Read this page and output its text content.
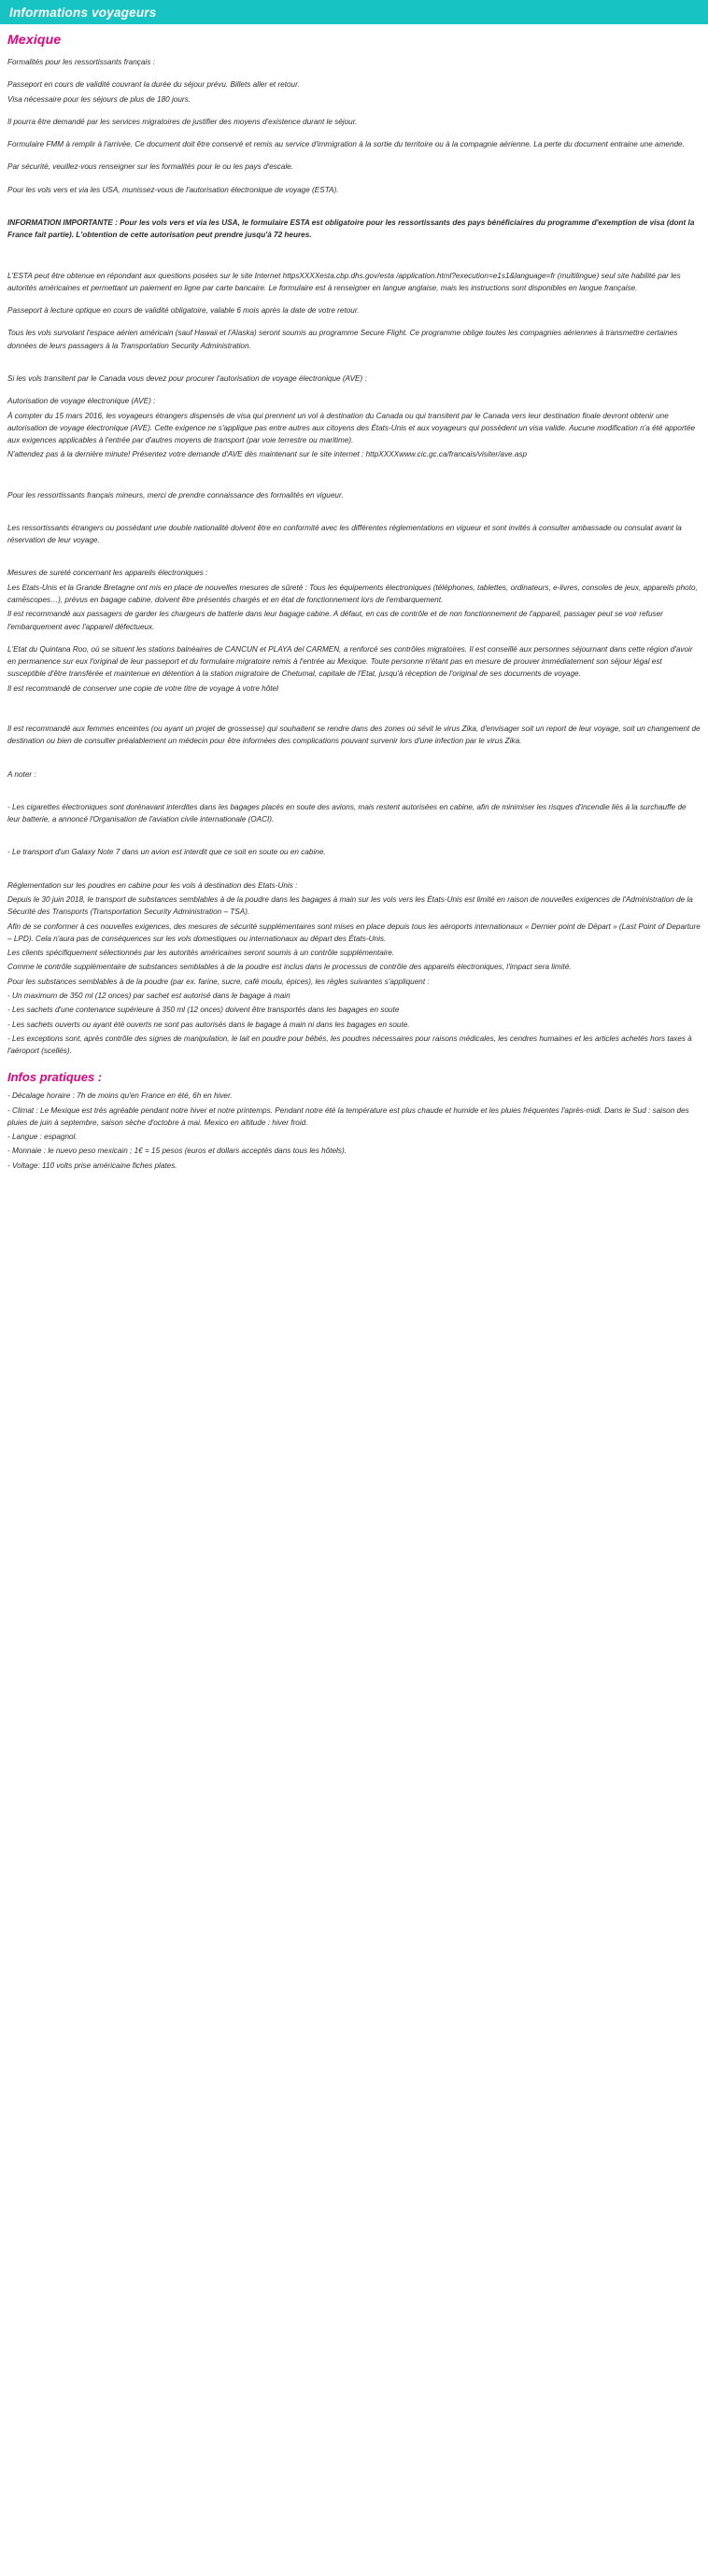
Informations voyageurs
Mexique

Formalités pour les ressortissants français :

Passeport en cours de validité couvrant la durée du séjour prévu. Billets aller et retour.

Visa nécessaire pour les séjours de plus de 180 jours.

Il pourra être demandé par les services migratoires de justifier des moyens d'existence durant le séjour.

Formulaire FMM à remplir à l'arrivée. Ce document doit être conservé et remis au service d'immigration à la sortie du territoire ou à la compagnie aérienne. La perte du document entraine une amende.

Par sécurité, veuillez-vous renseigner sur les formalités pour le ou les pays d'escale.

Pour les vols vers et via les USA, munissez-vous de l'autorisation électronique de voyage (ESTA).

INFORMATION IMPORTANTE : Pour les vols vers et via les USA, le formulaire ESTA est obligatoire pour les ressortissants des pays bénéficiaires du programme d'exemption de visa (dont la France fait partie). L'obtention de cette autorisation peut prendre jusqu'à 72 heures.

L'ESTA peut être obtenue en répondant aux questions posées sur le site Internet httpsXXXXesta.cbp.dhs.gov/esta /application.html?execution=e1s1&language=fr (multilingue) seul site habilité par les autorités américaines et permettant un paiement en ligne par carte bancaire. Le formulaire est à renseigner en langue anglaise, mais les instructions sont disponibles en langue française.

Passeport à lecture optique en cours de validité obligatoire, valable 6 mois après la date de votre retour.

Tous les vols survolant l'espace aérien américain (sauf Hawaii et l'Alaska) seront soumis au programme Secure Flight. Ce programme oblige toutes les compagnies aériennes à transmettre certaines données de leurs passagers à la Transportation Security Administration.

Si les vols transitent par le Canada vous devez pour procurer l'autorisation de voyage électronique (AVE) :

Autorisation de voyage électronique (AVE) :

À compter du 15 mars 2016, les voyageurs étrangers dispensés de visa qui prennent un vol à destination du Canada ou qui transitent par le Canada vers leur destination finale devront obtenir une autorisation de voyage électronique (AVE). Cette exigence ne s'applique pas entre autres aux citoyens des États-Unis et aux voyageurs qui possèdent un visa valide. Aucune modification n'a été apportée aux exigences applicables à l'entrée par d'autres moyens de transport (par voie terrestre ou maritime).

N'attendez pas à la dernière minute! Présentez votre demande d'AVE dès maintenant sur le site internet : httpXXXXwww.cic.gc.ca/francais/visiter/ave.asp

Pour les ressortissants français mineurs, merci de prendre connaissance des formalités en vigueur.

Les ressortissants étrangers ou possédant une double nationalité doivent être en conformité avec les différentes réglementations en vigueur et sont invités à consulter ambassade ou consulat avant la réservation de leur voyage.

Mesures de sureté concernant les appareils électroniques :

Les Etats-Unis et la Grande Bretagne ont mis en place de nouvelles mesures de sûreté : Tous les équipements électroniques (téléphones, tablettes, ordinateurs, e-livres, consoles de jeux, appareils photo, caméscopes…), prévus en bagage cabine, doivent être présentés chargés et en état de fonctionnement lors de l'embarquement.

Il est recommandé aux passagers de garder les chargeurs de batterie dans leur bagage cabine. A défaut, en cas de contrôle et de non fonctionnement de l'appareil, passager peut se voir refuser l'embarquement avec l'appareil défectueux.

L'Etat du Quintana Roo, où se situent les stations balnéaires de CANCUN et PLAYA del CARMEN, a renforcé ses contrôles migratoires. Il est conseillé aux personnes séjournant dans cette région d'avoir en permanence sur eux l'original de leur passeport et du formulaire migratoire remis à l'entrée au Mexique. Toute personne n'étant pas en mesure de prouver immédiatement son séjour légal est susceptible d'être transférée et maintenue en détention à la station migratoire de Chetumal, capitale de l'Etat, jusqu'à réception de l'original de ses documents de voyage.

Il est recommandé de conserver une copie de votre titre de voyage à votre hôtel

Il est recommandé aux femmes enceintes (ou ayant un projet de grossesse) qui souhaitent se rendre dans des zones où sévit le virus Zika, d'envisager soit un report de leur voyage, soit un changement de destination ou bien de consulter préalablement un médecin pour être informées des complications pouvant survenir lors d'une infection par le virus Zika.

A noter :

- Les cigarettes électroniques sont dorénavant interdites dans les bagages placés en soute des avions, mais restent autorisées en cabine, afin de minimiser les risques d'incendie liés à la surchauffe de leur batterie, a annoncé l'Organisation de l'aviation civile internationale (OACI).

- Le transport d'un Galaxy Note 7 dans un avion est interdit que ce soit en soute ou en cabine.

Réglementation sur les poudres en cabine pour les vols à destination des Etats-Unis :

Depuis le 30 juin 2018, le transport de substances semblables à de la poudre dans les bagages à main sur les vols vers les États-Unis est limité en raison de nouvelles exigences de l'Administration de la Sécurité des Transports (Transportation Security Administration – TSA).

Afin de se conformer à ces nouvelles exigences, des mesures de sécurité supplémentaires sont mises en place depuis tous les aéroports internationaux « Dernier point de Départ » (Last Point of Departure – LPD). Cela n'aura pas de conséquences sur les vols domestiques ou internationaux au départ des États-Unis.

Les clients spécifiquement sélectionnés par les autorités américaines seront soumis à un contrôle supplémentaire.

Comme le contrôle supplémentaire de substances semblables à de la poudre est inclus dans le processus de contrôle des appareils électroniques, l'impact sera limité.

Pour les substances semblables à de la poudre (par ex. farine, sucre, café moulu, épices), les règles suivantes s'appliquent :

- Un maximum de 350 ml (12 onces) par sachet est autorisé dans le bagage à main

- Les sachets d'une contenance supérieure à 350 ml (12 onces) doivent être transportés dans les bagages en soute

- Les sachets ouverts ou ayant été ouverts ne sont pas autorisés dans le bagage à main ni dans les bagages en soute.

- Les exceptions sont, après contrôle des signes de manipulation, le lait en poudre pour bébés, les poudres nécessaires pour raisons médicales, les cendres humaines et les articles achetés hors taxes à l'aéroport (scellés).

Infos pratiques :

- Décalage horaire : 7h de moins qu'en France en été, 6h en hiver.

- Climat : Le Mexique est très agréable pendant notre hiver et notre printemps. Pendant notre été la température est plus chaude et humide et les pluies fréquentes l'après-midi. Dans le Sud : saison des pluies de juin à septembre, saison sèche d'octobre à mai. Mexico en altitude : hiver froid.

- Langue : espagnol.

- Monnaie : le nuevo peso mexicain ; 1€ = 15 pesos (euros et dollars acceptés dans tous les hôtels).

- Voltage: 110 volts prise américaine fiches plates.
